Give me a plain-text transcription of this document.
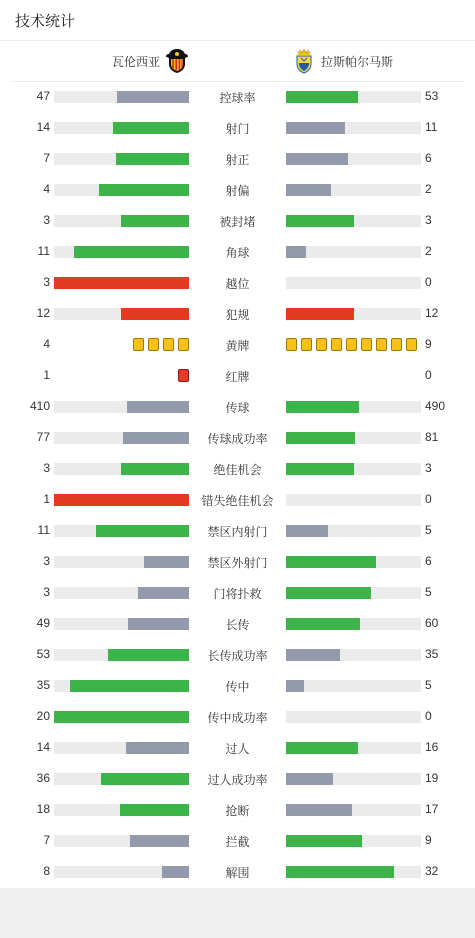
技术统计
瓦伦西亚	拉斯帕尔马斯
47	控球率	53
14	射门	11
7	射正	6
4	射偏	2
3	被封堵	3
11	角球	2
3	越位	0
12	犯规	12
4	黄牌	9
1	红牌	0
410	传球	490
77	传球成功率	81
3	绝佳机会	3
1	错失绝佳机会	0
11	禁区内射门	5
3	禁区外射门	6
3	门将扑救	5
49	长传	60
53	长传成功率	35
35	传中	5
20	传中成功率	0
14	过人	16
36	过人成功率	19
18	抢断	17
7	拦截	9
8	解围	32
